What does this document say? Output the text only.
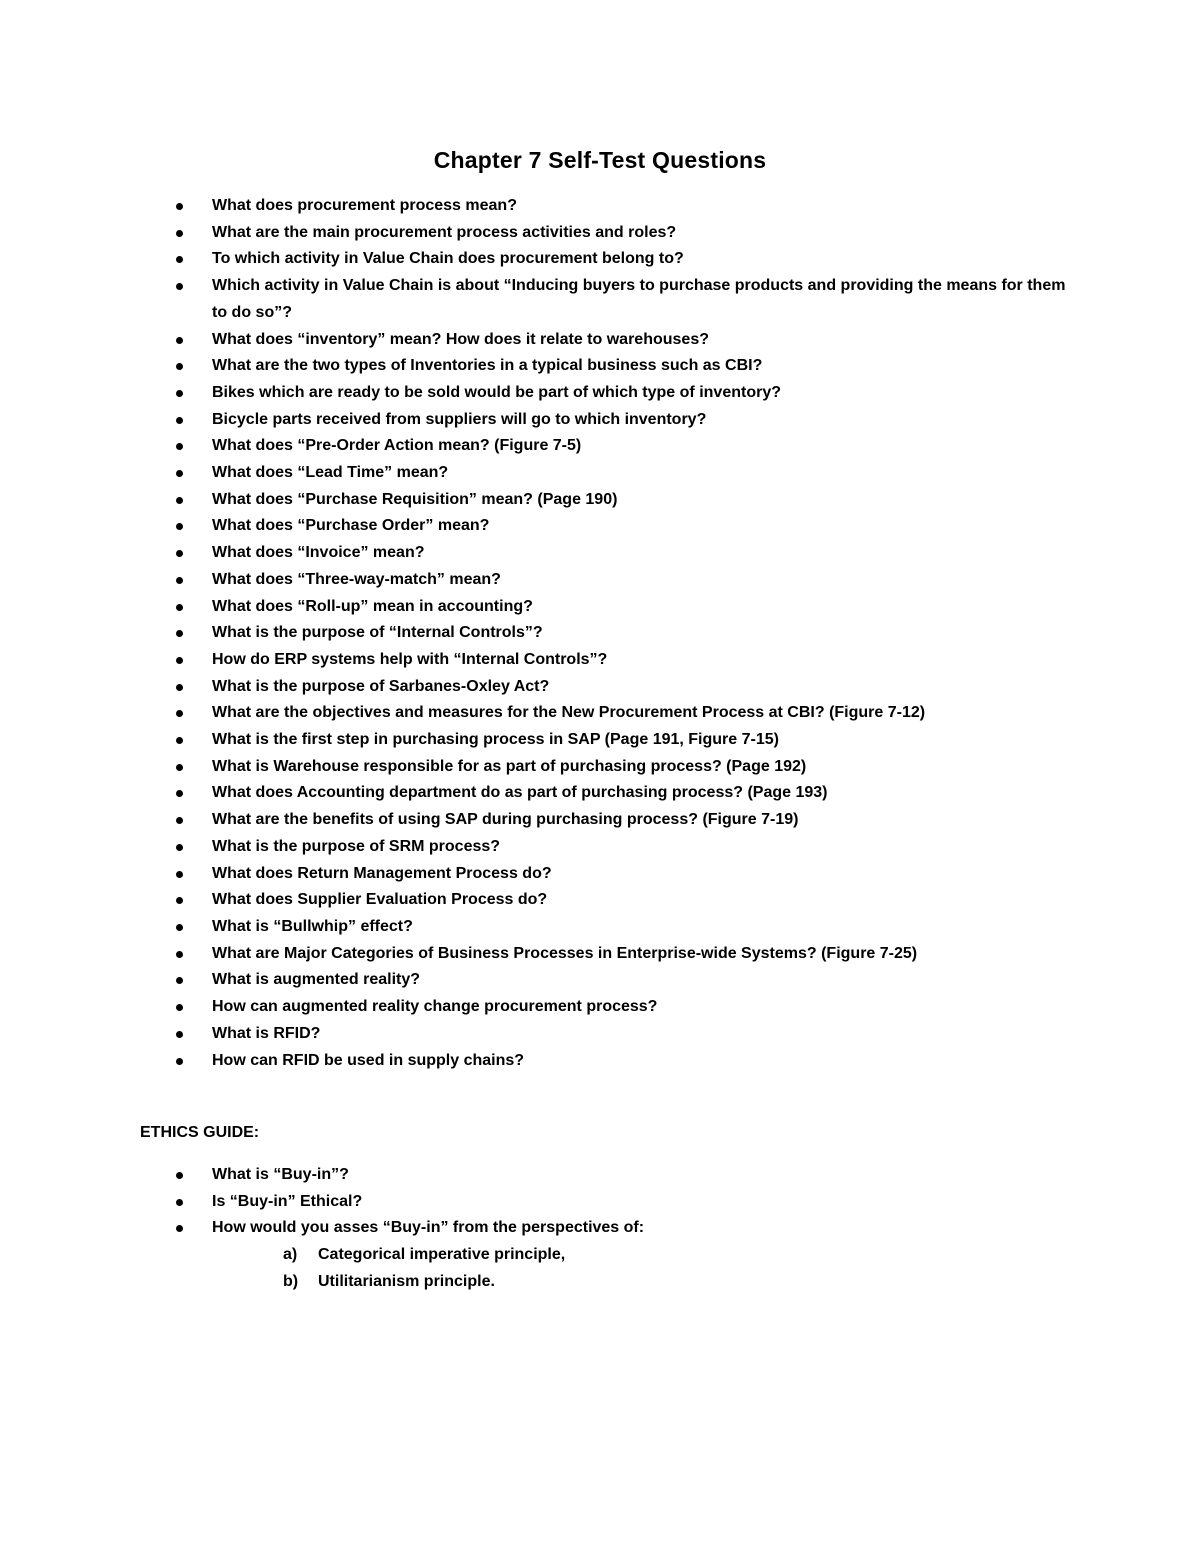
Chapter 7 Self-Test Questions
What does procurement process mean?
What are the main procurement process activities and roles?
To which activity in Value Chain does procurement belong to?
Which activity in Value Chain is about “Inducing buyers to purchase products and providing the means for them to do so”?
What does “inventory” mean? How does it relate to warehouses?
What are the two types of Inventories in a typical business such as CBI?
Bikes which are ready to be sold would be part of which type of inventory?
Bicycle parts received from suppliers will go to which inventory?
What does “Pre-Order Action mean? (Figure 7-5)
What does “Lead Time” mean?
What does “Purchase Requisition” mean? (Page 190)
What does “Purchase Order” mean?
What does “Invoice” mean?
What does “Three-way-match” mean?
What does “Roll-up” mean in accounting?
What is the purpose of “Internal Controls”?
How do ERP systems help with “Internal Controls”?
What is the purpose of Sarbanes-Oxley Act?
What are the objectives and measures for the New Procurement Process at CBI? (Figure 7-12)
What is the first step in purchasing process in SAP (Page 191, Figure 7-15)
What is Warehouse responsible for as part of purchasing process? (Page 192)
What does Accounting department do as part of purchasing process? (Page 193)
What are the benefits of using SAP during purchasing process? (Figure 7-19)
What is the purpose of SRM process?
What does Return Management Process do?
What does Supplier Evaluation Process do?
What is “Bullwhip” effect?
What are Major Categories of Business Processes in Enterprise-wide Systems? (Figure 7-25)
What is augmented reality?
How can augmented reality change procurement process?
What is RFID?
How can RFID be used in supply chains?
ETHICS GUIDE:
What is “Buy-in”?
Is “Buy-in” Ethical?
How would you asses “Buy-in” from the perspectives of:
a) Categorical imperative principle,
b) Utilitarianism principle.
